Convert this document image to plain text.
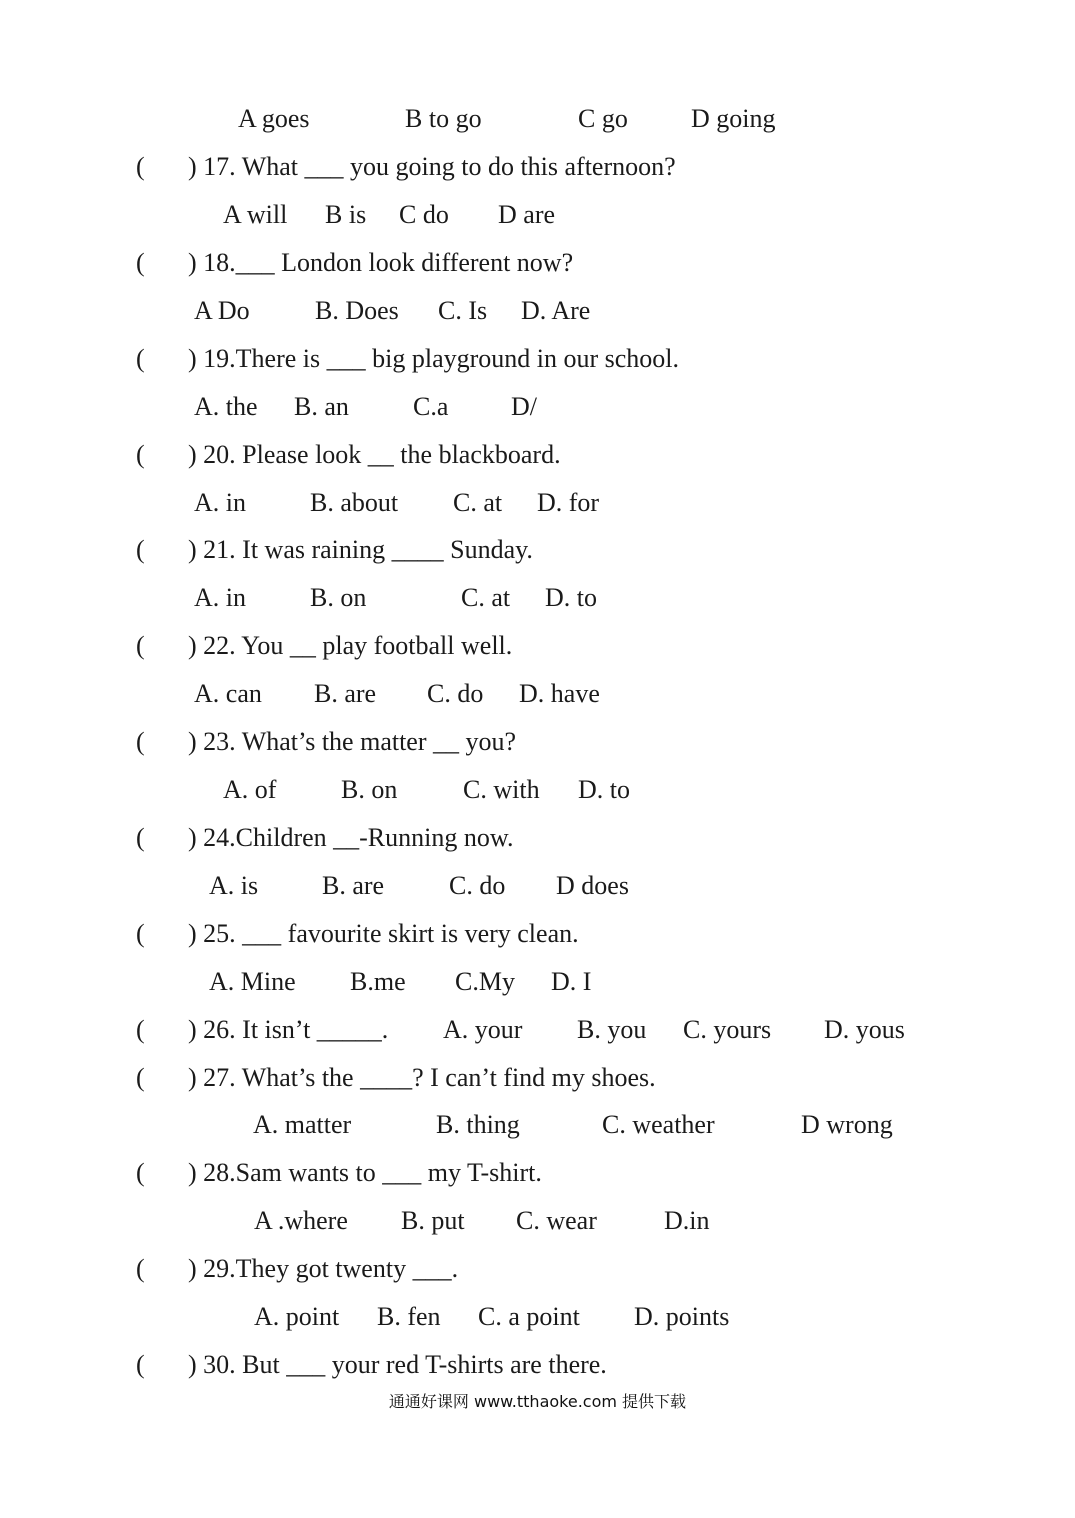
A goes	B to go	C go D going
( ) 17. What ___ you going to do this afternoon?
A will B is C do D are
( ) 18.___ London look different now?
A Do	B. Does C. Is D. Are
( ) 19.There is ___ big playground in our school.
A. the B. an C.a D/
( ) 20. Please look __ the blackboard.
A. in B. about C. at D. for
( ) 21. It was raining ____ Sunday.
A. in B. on	C. at D. to
( ) 22. You __ play football well.
A. can B. are C. do D. have
( ) 23. What’s the matter __ you?
A. of B. on	C. with D. to
( ) 24.Children __-Running now.
A. is B. are C. do D does
( ) 25. ___ favourite skirt is very clean.
A. Mine B.me C.My D. I
( ) 26. It isn’t _____. A. your B. you C. yours D. yous
( ) 27. What’s the ____? I can’t find my shoes.
A. matter	B. thing	C. weather	D wrong
( ) 28.Sam wants to ___ my T-shirt.
A .where B. put C. wear	D.in
( ) 29.They got twenty ___.
A. point B. fen C. a point D. points
( ) 30. But ___ your red T-shirts are there.
通通好课网 www.tthaoke.com 提供下载
